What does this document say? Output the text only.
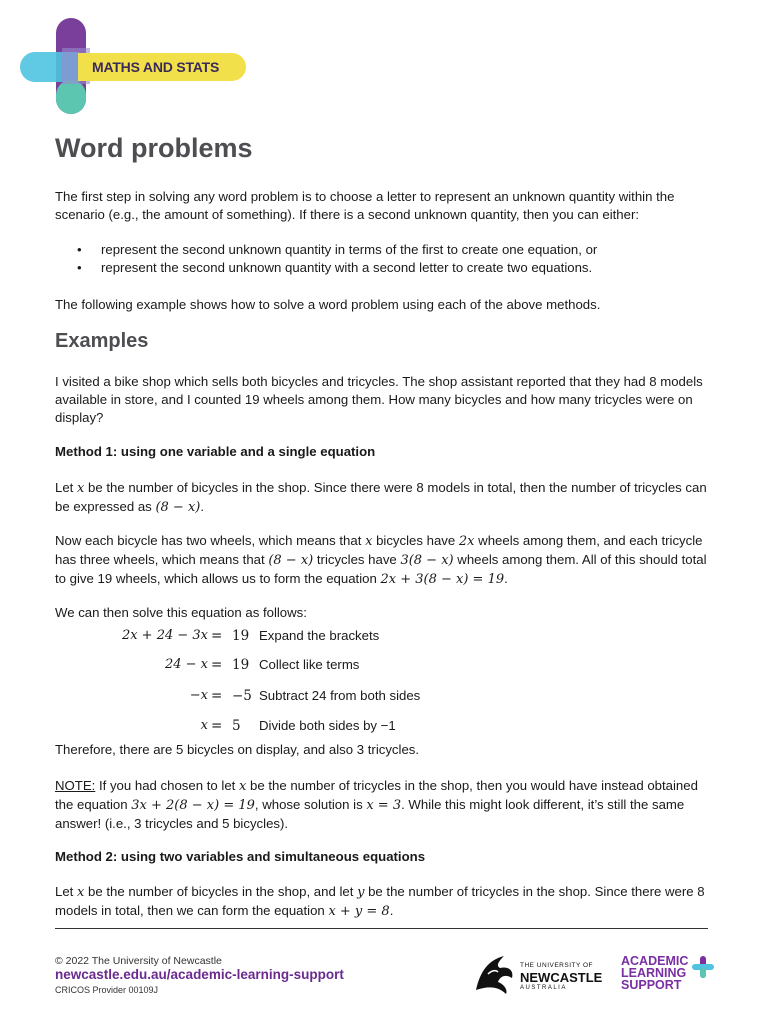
MATHS AND STATS
Word problems

The first step in solving any word problem is to choose a letter to represent an unknown quantity within the scenario (e.g., the amount of something). If there is a second unknown quantity, then you can either:

• represent the second unknown quantity in terms of the first to create one equation, or
• represent the second unknown quantity with a second letter to create two equations.

The following example shows how to solve a word problem using each of the above methods.

Examples

I visited a bike shop which sells both bicycles and tricycles. The shop assistant reported that they had 8 models available in store, and I counted 19 wheels among them. How many bicycles and how many tricycles were on display?

Method 1: using one variable and a single equation

Let x be the number of bicycles in the shop. Since there were 8 models in total, then the number of tricycles can be expressed as (8 − x).

Now each bicycle has two wheels, which means that x bicycles have 2x wheels among them, and each tricycle has three wheels, which means that (8 − x) tricycles have 3(8 − x) wheels among them. All of this should total to give 19 wheels, which allows us to form the equation 2x + 3(8 − x) = 19.

We can then solve this equation as follows:

2x + 24 − 3x = 19 Expand the brackets
24 − x = 19 Collect like terms
−x = −5 Subtract 24 from both sides
x = 5 Divide both sides by −1

Therefore, there are 5 bicycles on display, and also 3 tricycles.

NOTE: If you had chosen to let x be the number of tricycles in the shop, then you would have instead obtained the equation 3x + 2(8 − x) = 19, whose solution is x = 3. While this might look different, it’s still the same answer! (i.e., 3 tricycles and 5 bicycles).

Method 2: using two variables and simultaneous equations

Let x be the number of bicycles in the shop, and let y be the number of tricycles in the shop. Since there were 8 models in total, then we can form the equation x + y = 8.

© 2022 The University of Newcastle
newcastle.edu.au/academic-learning-support
CRICOS Provider 00109J
THE UNIVERSITY OF
NEWCASTLE
AUSTRALIA
ACADEMIC
LEARNING
SUPPORT
